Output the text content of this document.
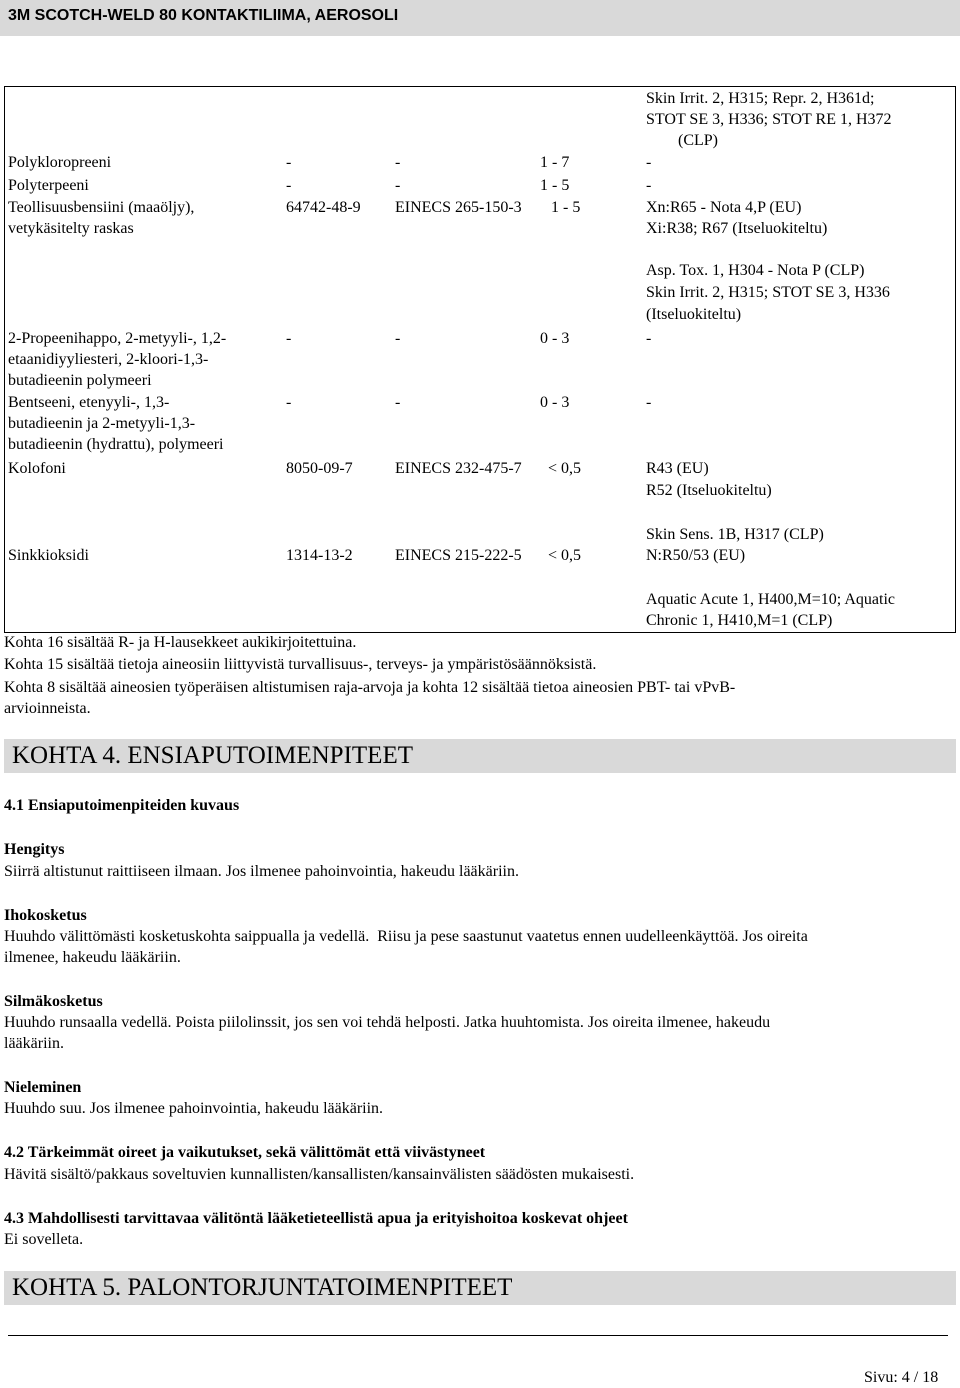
3M SCOTCH-WELD 80 KONTAKTILIIMA, AEROSOLI
Skin Irrit. 2, H315; Repr. 2, H361d;
STOT SE 3, H336; STOT RE 1, H372
(CLP)
Polykloropreeni	-	-	1 - 7	-
Polyterpeeni	-	-	1 - 5	-
Teollisuusbensiini (maaöljy),
vetykäsitelty raskas
64742-48-9 EINECS 265-150-3 1 - 5	Xn:R65 - Nota 4,P (EU)
Xi:R38; R67 (Itseluokiteltu)
Asp. Tox. 1, H304 - Nota P (CLP)
Skin Irrit. 2, H315; STOT SE 3, H336
(Itseluokiteltu)
2-Propeenihappo, 2-metyyli-, 1,2-
etaanidiyyliesteri, 2-kloori-1,3-
butadieenin polymeeri
-	-	0 - 3	-
Bentseeni, etenyyli-, 1,3-
butadieenin ja 2-metyyli-1,3-
butadieenin (hydrattu), polymeeri
-	-	0 - 3	-
Kolofoni	8050-09-7	EINECS 232-475-7 < 0,5	R43 (EU)
R52 (Itseluokiteltu)
Skin Sens. 1B, H317 (CLP)
Sinkkioksidi	1314-13-2	EINECS 215-222-5 < 0,5	N:R50/53 (EU)
Aquatic Acute 1, H400,M=10; Aquatic
Chronic 1, H410,M=1 (CLP)
Kohta 16 sisältää R- ja H-lausekkeet aukikirjoitettuina.
Kohta 15 sisältää tietoja aineosiin liittyvistä turvallisuus-, terveys- ja ympäristösäännöksistä.
Kohta 8 sisältää aineosien työperäisen altistumisen raja-arvoja ja kohta 12 sisältää tietoa aineosien PBT- tai vPvB-
arvioinneista.
KOHTA 4. ENSIAPUTOIMENPITEET
4.1 Ensiaputoimenpiteiden kuvaus
Hengitys
Siirrä altistunut raittiiseen ilmaan. Jos ilmenee pahoinvointia, hakeudu lääkäriin.
Ihokosketus
Huuhdo välittömästi kosketuskohta saippualla ja vedellä.  Riisu ja pese saastunut vaatetus ennen uudelleenkäyttöä. Jos oireita
ilmenee, hakeudu lääkäriin.
Silmäkosketus
Huuhdo runsaalla vedellä. Poista piilolinssit, jos sen voi tehdä helposti. Jatka huuhtomista. Jos oireita ilmenee, hakeudu
lääkäriin.
Nieleminen
Huuhdo suu. Jos ilmenee pahoinvointia, hakeudu lääkäriin.
4.2 Tärkeimmät oireet ja vaikutukset, sekä välittömät että viivästyneet
Hävitä sisältö/pakkaus soveltuvien kunnallisten/kansallisten/kansainvälisten säädösten mukaisesti.
4.3 Mahdollisesti tarvittavaa välitöntä lääketieteellistä apua ja erityishoitoa koskevat ohjeet
Ei sovelleta.
KOHTA 5. PALONTORJUNTATOIMENPITEET
Sivu: 4 / 18
